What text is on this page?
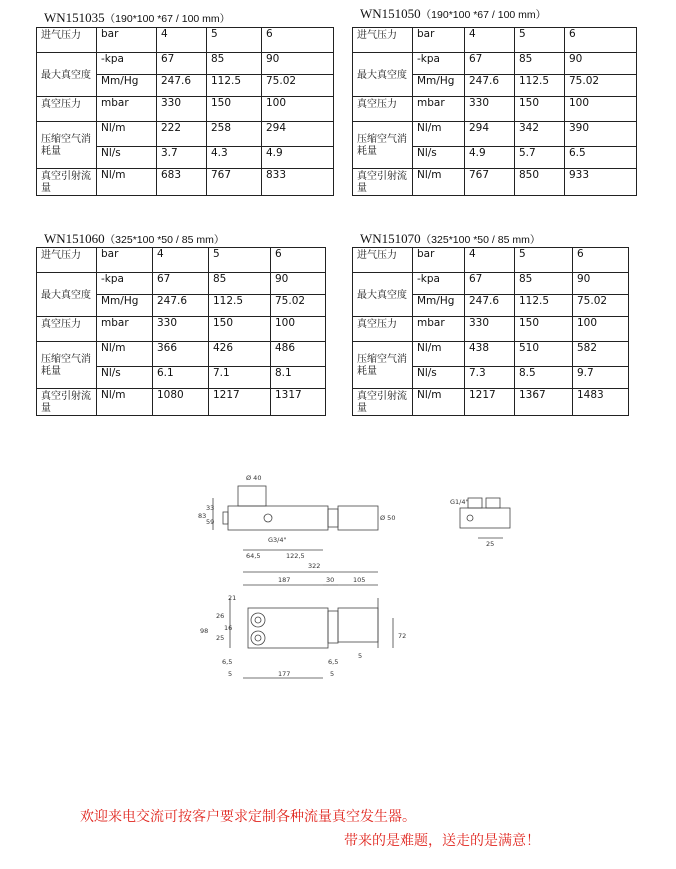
WN151035（190*100 *67 / 100 mm）
进气压力	bar	4	5	6
最大真空度	-kpa	67	85	90
	Mm/Hg	247.6	112.5	75.02
真空压力	mbar	330	150	100
压缩空气消耗量	Nl/m	222	258	294
	Nl/s	3.7	4.3	4.9
真空引射流量	Nl/m	683	767	833
WN151050（190*100 *67 / 100 mm）
进气压力	bar	4	5	6
最大真空度	-kpa	67	85	90
	Mm/Hg	247.6	112.5	75.02
真空压力	mbar	330	150	100
压缩空气消耗量	Nl/m	294	342	390
	Nl/s	4.9	5.7	6.5
真空引射流量	Nl/m	767	850	933
WN151060（325*100 *50 / 85 mm）
进气压力	bar	4	5	6
最大真空度	-kpa	67	85	90
	Mm/Hg	247.6	112.5	75.02
真空压力	mbar	330	150	100
压缩空气消耗量	Nl/m	366	426	486
	Nl/s	6.1	7.1	8.1
真空引射流量	Nl/m	1080	1217	1317
WN151070（325*100 *50 / 85 mm）
进气压力	bar	4	5	6
最大真空度	-kpa	67	85	90
	Mm/Hg	247.6	112.5	75.02
真空压力	mbar	330	150	100
压缩空气消耗量	Nl/m	438	510	582
	Nl/s	7.3	8.5	9.7
真空引射流量	Nl/m	1217	1367	1483
Ø 40
83
33
59
G3/4"
Ø 50
G1/4"
25
64,5	122,5
322
187	30	105
21
98
26
25
16
72
5
6,5	6,5
5	177	5
欢迎来电交流可按客户要求定制各种流量真空发生器。
带来的是难题，送走的是满意！
